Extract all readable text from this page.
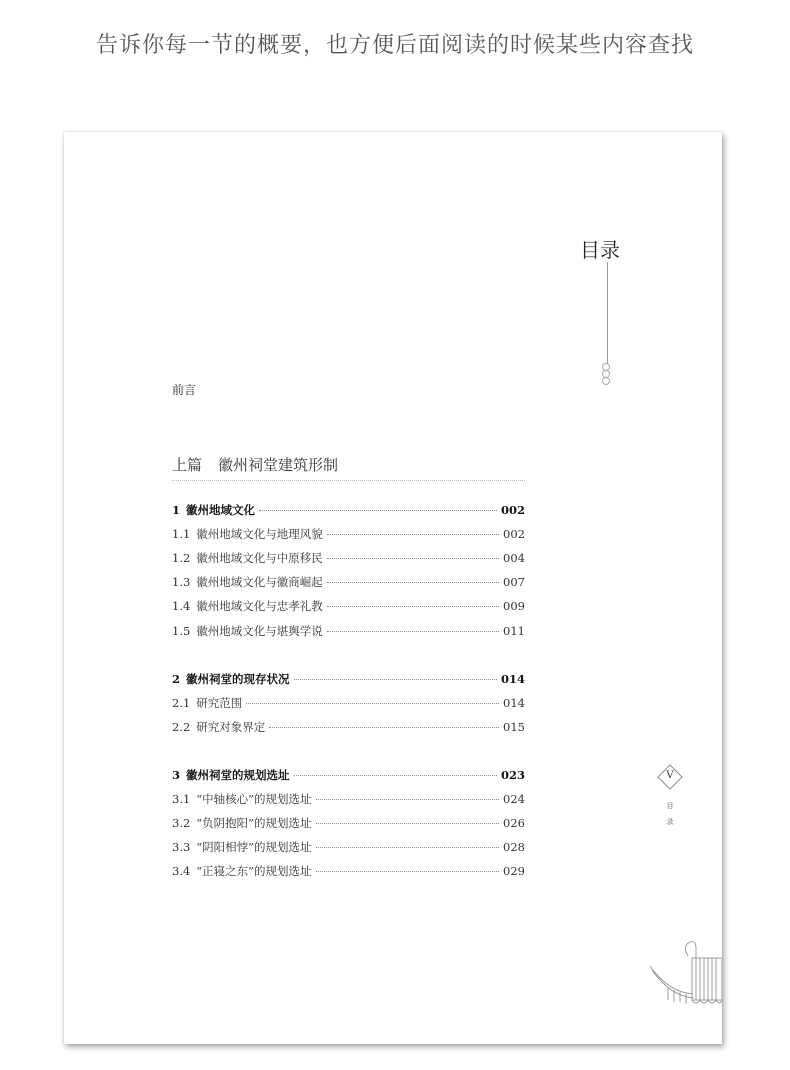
告诉你每一节的概要，也方便后面阅读的时候某些内容查找
目录
前言
上篇 徽州祠堂建筑形制
1 徽州地域文化	002
1.1 徽州地域文化与地理风貌	002
1.2 徽州地域文化与中原移民	004
1.3 徽州地域文化与徽商崛起	007
1.4 徽州地域文化与忠孝礼教	009
1.5 徽州地域文化与堪舆学说	011
2 徽州祠堂的现存状况	014
2.1 研究范围	014
2.2 研究对象界定	015
3 徽州祠堂的规划选址	023
3.1 “中轴核心”的规划选址	024
3.2 “负阴抱阳”的规划选址	026
3.3 “阴阳相悖”的规划选址	028
3.4 “正寝之东”的规划选址	029
V
目
录
